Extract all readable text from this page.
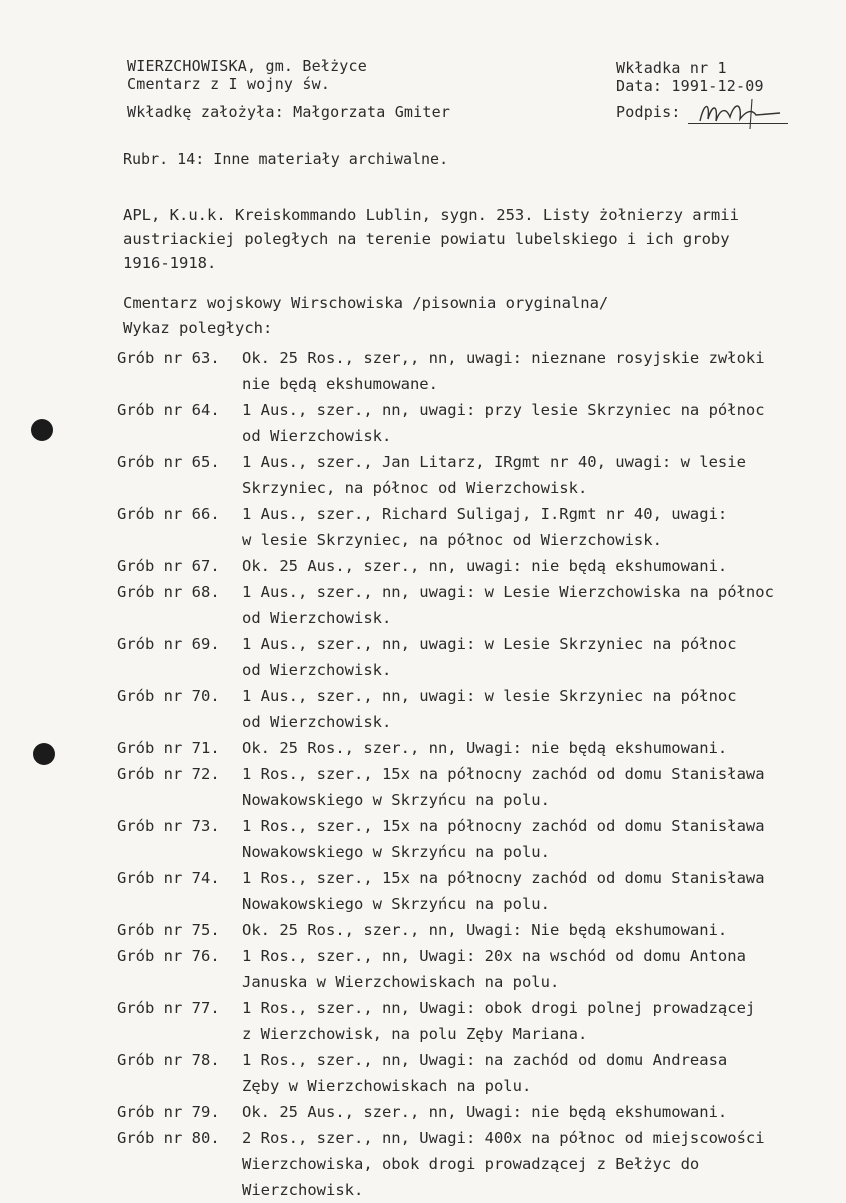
WIERZCHOWISKA, gm. Bełżyce
Cmentarz z I wojny św.
Wkładkę założyła: Małgorzata Gmiter
Wkładka nr 1
Data: 1991-12-09
Podpis:
Rubr. 14: Inne materiały archiwalne.
APL, K.u.k. Kreiskommando Lublin, sygn. 253. Listy żołnierzy armii
austriackiej poległych na terenie powiatu lubelskiego i ich groby
1916-1918.
Cmentarz wojskowy Wirschowiska /pisownia oryginalna/
Wykaz poległych:
Grób nr 63.	Ok. 25 Ros., szer,, nn, uwagi: nieznane rosyjskie zwłoki
nie będą ekshumowane.
Grób nr 64.	1 Aus., szer., nn, uwagi: przy lesie Skrzyniec na północ
od Wierzchowisk.
Grób nr 65.	1 Aus., szer., Jan Litarz, IRgmt nr 40, uwagi: w lesie
Skrzyniec, na północ od Wierzchowisk.
Grób nr 66.	1 Aus., szer., Richard Suligaj, I.Rgmt nr 40, uwagi:
w lesie Skrzyniec, na północ od Wierzchowisk.
Grób nr 67.	Ok. 25 Aus., szer., nn, uwagi: nie będą ekshumowani.
Grób nr 68.	1 Aus., szer., nn, uwagi: w Lesie Wierzchowiska na północ
od Wierzchowisk.
Grób nr 69.	1 Aus., szer., nn, uwagi: w Lesie Skrzyniec na północ
od Wierzchowisk.
Grób nr 70.	1 Aus., szer., nn, uwagi: w lesie Skrzyniec na północ
od Wierzchowisk.
Grób nr 71.	Ok. 25 Ros., szer., nn, Uwagi: nie będą ekshumowani.
Grób nr 72.	1 Ros., szer., 15x na północny zachód od domu Stanisława
Nowakowskiego w Skrzyńcu na polu.
Grób nr 73.	1 Ros., szer., 15x na północny zachód od domu Stanisława
Nowakowskiego w Skrzyńcu na polu.
Grób nr 74.	1 Ros., szer., 15x na północny zachód od domu Stanisława
Nowakowskiego w Skrzyńcu na polu.
Grób nr 75.	Ok. 25 Ros., szer., nn, Uwagi: Nie będą ekshumowani.
Grób nr 76.	1 Ros., szer., nn, Uwagi: 20x na wschód od domu Antona
Januska w Wierzchowiskach na polu.
Grób nr 77.	1 Ros., szer., nn, Uwagi: obok drogi polnej prowadzącej
z Wierzchowisk, na polu Zęby Mariana.
Grób nr 78.	1 Ros., szer., nn, Uwagi: na zachód od domu Andreasa
Zęby w Wierzchowiskach na polu.
Grób nr 79.	Ok. 25 Aus., szer., nn, Uwagi: nie będą ekshumowani.
Grób nr 80.	2 Ros., szer., nn, Uwagi: 400x na północ od miejscowości
Wierzchowiska, obok drogi prowadzącej z Bełżyc do
Wierzchowisk.
